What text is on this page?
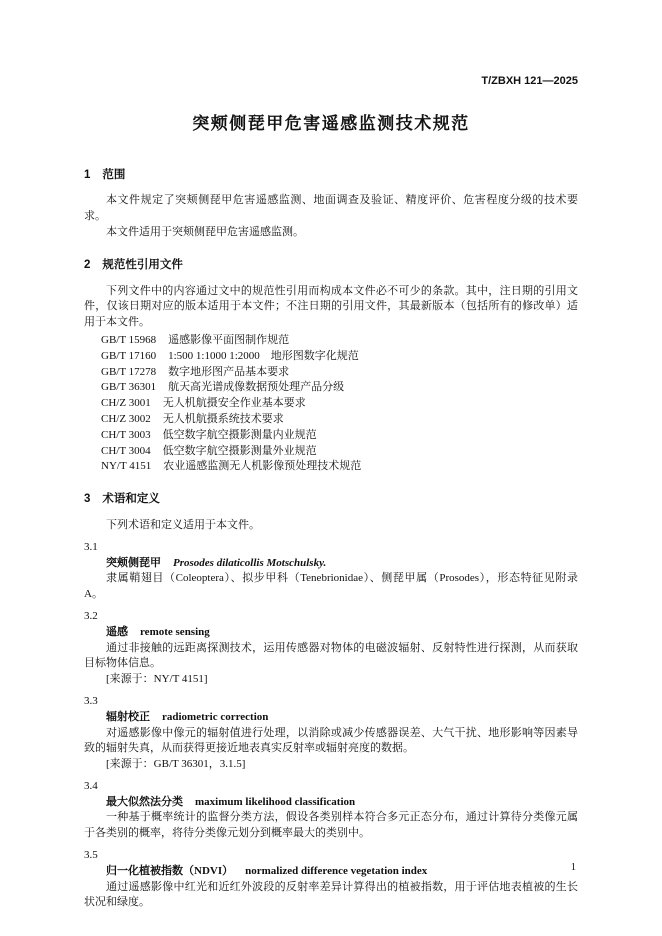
T/ZBXH 121—2025
突颊侧琵甲危害遥感监测技术规范
1 范围

本文件规定了突颊侧琵甲危害遥感监测、地面调查及验证、精度评价、危害程度分级的技术要求。

本文件适用于突颊侧琵甲危害遥感监测。

2 规范性引用文件

下列文件中的内容通过文中的规范性引用而构成本文件必不可少的条款。其中，注日期的引用文件，仅该日期对应的版本适用于本文件；不注日期的引用文件，其最新版本（包括所有的修改单）适用于本文件。

GB/T 15968 遥感影像平面图制作规范
GB/T 17160 1:500 1:1000 1:2000　地形图数字化规范
GB/T 17278 数字地形图产品基本要求
GB/T 36301 航天高光谱成像数据预处理产品分级
CH/Z 3001 无人机航摄安全作业基本要求
CH/Z 3002 无人机航摄系统技术要求
CH/T 3003 低空数字航空摄影测量内业规范
CH/T 3004 低空数字航空摄影测量外业规范
NY/T 4151 农业遥感监测无人机影像预处理技术规范
3 术语和定义

下列术语和定义适用于本文件。

3.1
突颊侧琵甲 Prosodes dilaticollis Motschulsky.

隶属鞘翅目（Coleoptera）、拟步甲科（Tenebrionidae）、侧琵甲属（Prosodes），形态特征见附录A。

3.2
遥感 remote sensing

通过非接触的远距离探测技术，运用传感器对物体的电磁波辐射、反射特性进行探测，从而获取目标物体信息。

[来源于：NY/T 4151]

3.3
辐射校正 radiometric correction

对遥感影像中像元的辐射值进行处理，以消除或减少传感器误差、大气干扰、地形影响等因素导致的辐射失真，从而获得更接近地表真实反射率或辐射亮度的数据。

[来源于：GB/T 36301，3.1.5]

3.4
最大似然法分类 maximum likelihood classification

一种基于概率统计的监督分类方法，假设各类别样本符合多元正态分布，通过计算待分类像元属于各类别的概率，将待分类像元划分到概率最大的类别中。

3.5
归一化植被指数（NDVI） normalized difference vegetation index

通过遥感影像中红光和近红外波段的反射率差异计算得出的植被指数，用于评估地表植被的生长状况和绿度。

1
